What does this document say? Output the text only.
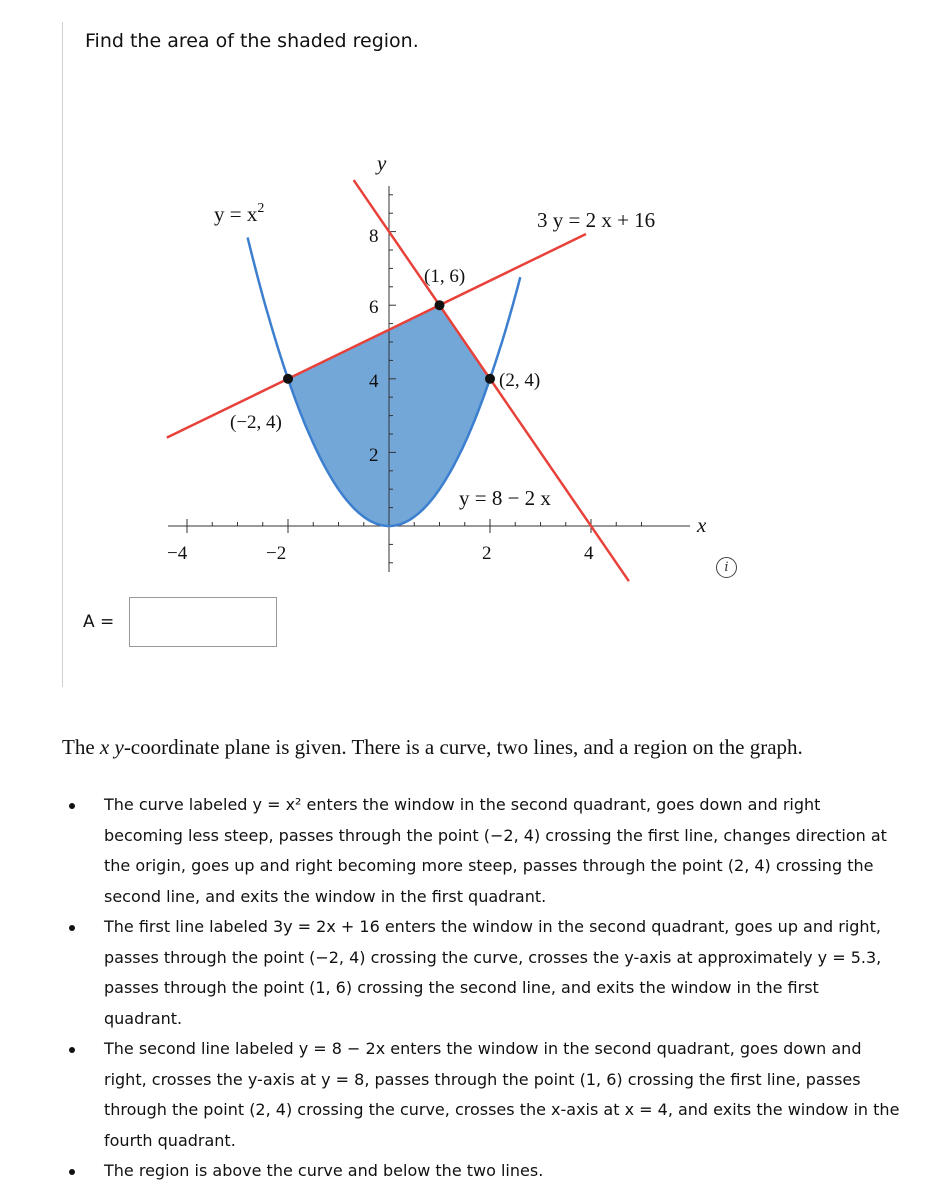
Find the area of the shaded region.
x
y
−4	−2	2	4
8
6
4
2
(−2, 4)
(1, 6)
(2, 4)
$y = x^2$	3 y = 2 x + 16
y = 8 − 2 x
A =
i
The x y-coordinate plane is given. There is a curve, two lines, and a region on the graph.
The curve labeled y = x² enters the window in the second quadrant, goes down and right becoming less steep, passes through the point (−2, 4) crossing the first line, changes direction at the origin, goes up and right becoming more steep, passes through the point (2, 4) crossing the second line, and exits the window in the first quadrant.
The first line labeled 3y = 2x + 16 enters the window in the second quadrant, goes up and right, passes through the point (−2, 4) crossing the curve, crosses the y-axis at approximately y = 5.3, passes through the point (1, 6) crossing the second line, and exits the window in the first quadrant.
The second line labeled y = 8 − 2x enters the window in the second quadrant, goes down and right, crosses the y-axis at y = 8, passes through the point (1, 6) crossing the first line, passes through the point (2, 4) crossing the curve, crosses the x-axis at x = 4, and exits the window in the fourth quadrant.
The region is above the curve and below the two lines.
